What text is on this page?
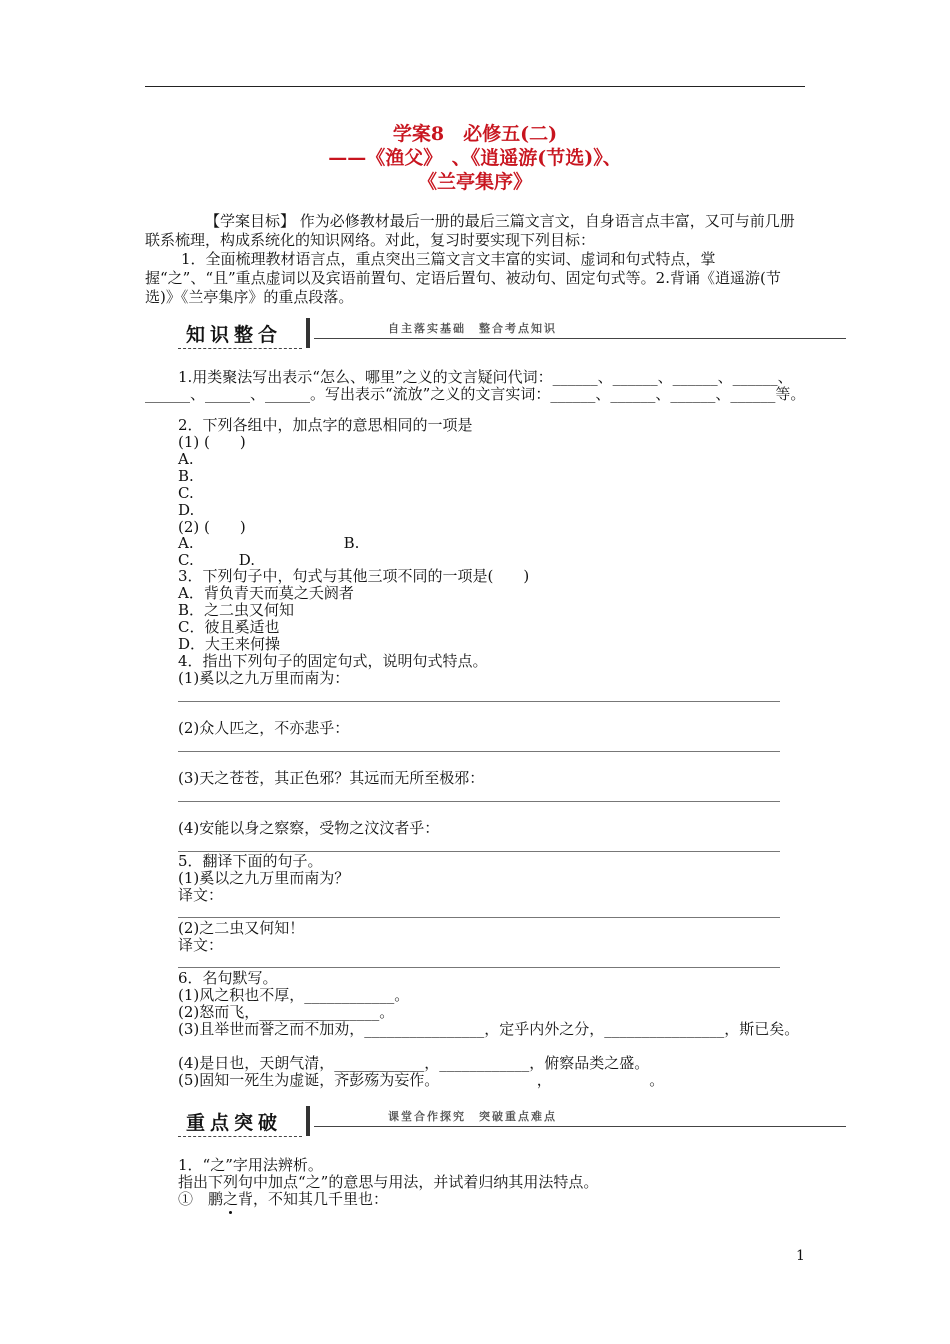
学案8　必修五(二)
——《渔父》　、《逍遥游(节选)》、
《兰亭集序》

【学案目标】 作为必修教材最后一册的最后三篇文言文，自身语言点丰富，又可与前几册联系梳理，构成系统化的知识网络。对此，复习时要实现下列目标：

1．全面梳理教材语言点，重点突出三篇文言文丰富的实词、虚词和句式特点，掌握“之”、“且”重点虚词以及宾语前置句、定语后置句、被动句、固定句式等。2.背诵《逍遥游(节选)》《兰亭集序》的重点段落。

知识整合	自主落实基础　整合考点知识

1.用类聚法写出表示“怎么、哪里”之义的文言疑问代词：______、______、______、______、______、______、______。写出表示“流放”之义的文言实词：______、______、______、______等。

2．下列各组中，加点字的意思相同的一项是
(1) (　　)
A.
B.
C.
D.
(2) (　　)
A.　　　　　　　　　　B.
C.　　　D.
3．下列句子中，句式与其他三项不同的一项是(　　)
A．背负青天而莫之夭阏者
B．之二虫又何知
C．彼且奚适也
D．大王来何操
4．指出下列句子的固定句式，说明句式特点。
(1)奚以之九万里而南为：
(2)众人匹之，不亦悲乎：
(3)天之苍苍，其正色邪？其远而无所至极邪：
(4)安能以身之察察，受物之汶汶者乎：
5．翻译下面的句子。
(1)奚以之九万里而南为？
译文：
(2)之二虫又何知！
译文：
6．名句默写。
(1)风之积也不厚，____________。
(2)怒而飞，________________。

(3)且举世而誉之而不加劝，________________，定乎内外之分，________________，斯已矣。

(4)是日也，天朗气清，____________，____________，俯察品类之盛。
(5)固知一死生为虚诞，齐彭殇为妄作。　　　　　　　，　　　　　　　。
重点突破	课堂合作探究　突破重点难点
1．“之”字用法辨析。
指出下列句中加点“之”的意思与用法，并试着归纳其用法特点。
①　鹏之背，不知其几千里也：
1
